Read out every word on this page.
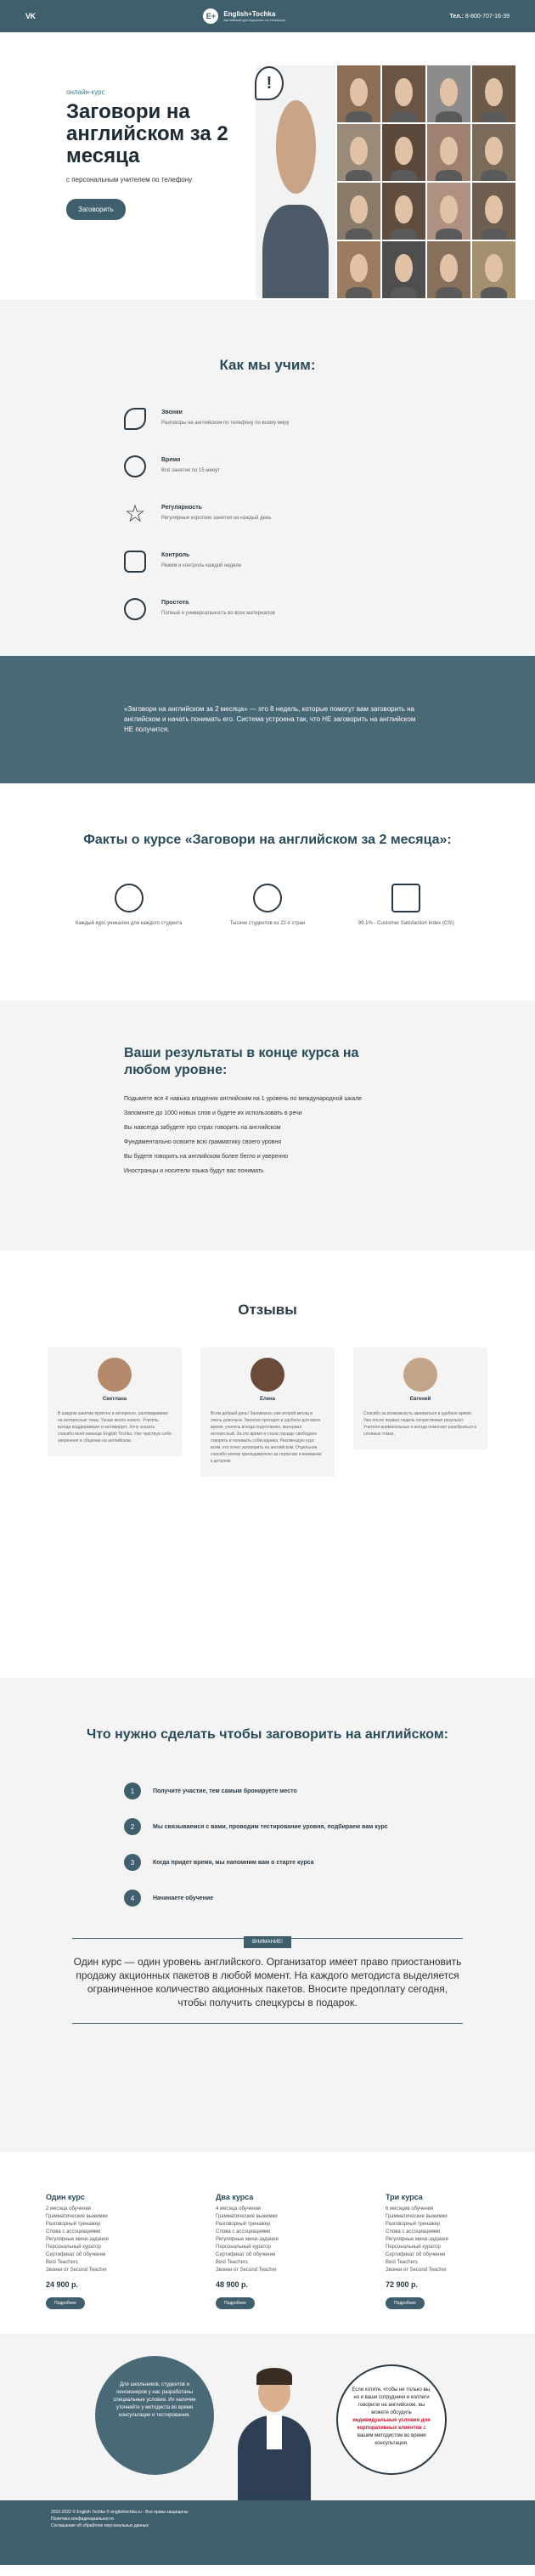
VK	E+	English+Tochka
Английский для взрослых по телефону
Тел.: 8-800-707-16-39
онлайн-курс
Заговори на английском за 2 месяца
с персональным учителем по телефону
Заговорить
!
Как мы учим:
Звонки
Разговоры на английском по телефону по всему миру
Время
Всё занятие по 15 минут
☆	Регулярность
Регулярные короткие занятия на каждый день
Контроль
Режим и контроль каждой неделе
Простота
Полный и универсальность во всех материалов

«Заговори на английском за 2 месяца» — это 8 недель, которые помогут вам заговорить на английском и начать понимать его. Система устроена так, что НЕ заговорить на английском НЕ получится.

Факты о курсе «Заговори на английском за 2 месяца»:
Каждый курс уникален для каждого студента	Тысячи студентов из 22-х стран	99,1% - Customer Satisfaction Index (CSI)
Ваши результаты в конце курса на любом уровне:
Подымете все 4 навыка владения английским на 1 уровень по международной шкале
Запомните до 1000 новых слов и будете их использовать в речи
Вы навсегда забудете про страх говорить на английском
Фундаментально освоите всю грамматику своего уровня
Вы будете говорить на английском более бегло и уверенно
Иностранцы и носители языка будут вас понимать
Отзывы
Светлана
В каждом занятии приятно и интересно, разговариваем на интересные темы. Узнаю много нового. Учитель всегда поддерживает и мотивирует. Хочу сказать спасибо всей команде English Tochka. Уже чувствую себя увереннее в общении на английском.
Елена
Всем добрый день! Занимаюсь уже второй месяц и очень довольна. Занятия проходят в удобное для меня время, учитель всегда подготовлен, материал интересный. За это время я стала гораздо свободнее говорить и понимать собеседника. Рекомендую курс всем, кто хочет заговорить на английском. Отдельное спасибо моему преподавателю за терпение и внимание к деталям.
Евгений
Спасибо за возможность заниматься в удобное время. Уже после первых недель почувствовал результат. Учителя внимательные и всегда помогают разобраться в сложных темах.
Что нужно сделать чтобы заговорить на английском:
1	Получите участие, тем самым бронируете место
2	Мы связываемся с вами, проводим тестирование уровня, подбираем вам курс
3	Когда придет время, мы напомним вам о старте курса
4	Начинаете обучение
ВНИМАНИЕ!

Один курс — один уровень английского. Организатор имеет право приостановить продажу акционных пакетов в любой момент. На каждого методиста выделяется ограниченное количество акционных пакетов. Вносите предоплату сегодня, чтобы получить спецкурсы в подарок.

Один курс
2 месяца обучения
Грамматические выжимки
Разговорный тренажер
Слова с ассоциациями
Регулярные мини-задания
Персональный куратор
Сертификат об обучении
Best Teachers
Звонки от Second Teacher
24 900 р.
Подробнее
Два курса
4 месяца обучения
Грамматические выжимки
Разговорный тренажер
Слова с ассоциациями
Регулярные мини-задания
Персональный куратор
Сертификат об обучении
Best Teachers
Звонки от Second Teacher
48 900 р.
Подробнее
Три курса
6 месяцев обучения
Грамматические выжимки
Разговорный тренажер
Слова с ассоциациями
Регулярные мини-задания
Персональный куратор
Сертификат об обучении
Best Teachers
Звонки от Second Teacher
72 900 р.
Подробнее

Для школьников, студентов и пенсионеров у нас разработаны специальные условия. Их наличие уточняйте у методиста во время консультации и тестирования.

Если хотите, чтобы не только вы, но и ваши сотрудники и коллеги говорили на английском, вы можете обсудить индивидуальные условия для корпоративных клиентов с вашим методистом во время консультации.

2015-2022 © English Tochka © englishtochka.ru - Все права защищены

Политика конфиденциальности

Соглашение об обработке персональных данных
